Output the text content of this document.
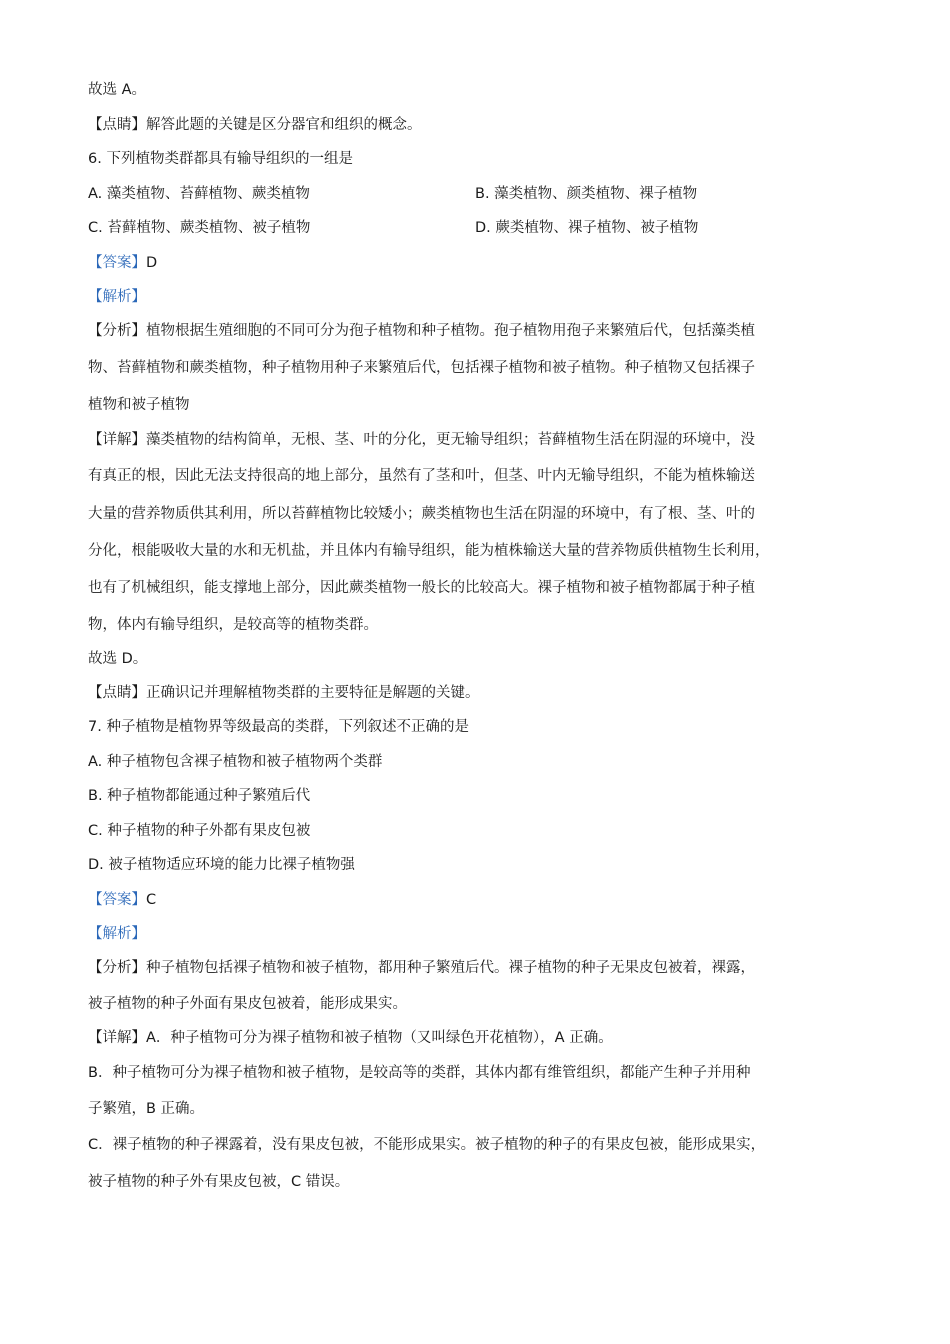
故选 A。
【点睛】解答此题的关键是区分器官和组织的概念。
6. 下列植物类群都具有输导组织的一组是
A. 藻类植物、苔藓植物、蕨类植物	B. 藻类植物、颜类植物、裸子植物
C. 苔藓植物、蕨类植物、被子植物	D. 蕨类植物、裸子植物、被子植物
【答案】D
【解析】
【分析】植物根据生殖细胞的不同可分为孢子植物和种子植物。孢子植物用孢子来繁殖后代，包括藻类植
物、苔藓植物和蕨类植物，种子植物用种子来繁殖后代，包括裸子植物和被子植物。种子植物又包括裸子
植物和被子植物
【详解】藻类植物的结构简单，无根、茎、叶的分化，更无输导组织；苔藓植物生活在阴湿的环境中，没
有真正的根，因此无法支持很高的地上部分，虽然有了茎和叶，但茎、叶内无输导组织，不能为植株输送
大量的营养物质供其利用，所以苔藓植物比较矮小；蕨类植物也生活在阴湿的环境中，有了根、茎、叶的
分化，根能吸收大量的水和无机盐，并且体内有输导组织，能为植株输送大量的营养物质供植物生长利用，
也有了机械组织，能支撑地上部分，因此蕨类植物一般长的比较高大。裸子植物和被子植物都属于种子植
物，体内有输导组织，是较高等的植物类群。
故选 D。
【点睛】正确识记并理解植物类群的主要特征是解题的关键。
7. 种子植物是植物界等级最高的类群，下列叙述不正确的是
A. 种子植物包含裸子植物和被子植物两个类群
B. 种子植物都能通过种子繁殖后代
C. 种子植物的种子外都有果皮包被
D. 被子植物适应环境的能力比裸子植物强
【答案】C
【解析】
【分析】种子植物包括裸子植物和被子植物，都用种子繁殖后代。裸子植物的种子无果皮包被着，裸露，
被子植物的种子外面有果皮包被着，能形成果实。
【详解】A．种子植物可分为裸子植物和被子植物（又叫绿色开花植物），A 正确。
B．种子植物可分为裸子植物和被子植物，是较高等的类群，其体内都有维管组织，都能产生种子并用种
子繁殖，B 正确。
C．裸子植物的种子裸露着，没有果皮包被，不能形成果实。被子植物的种子的有果皮包被，能形成果实，
被子植物的种子外有果皮包被，C 错误。
